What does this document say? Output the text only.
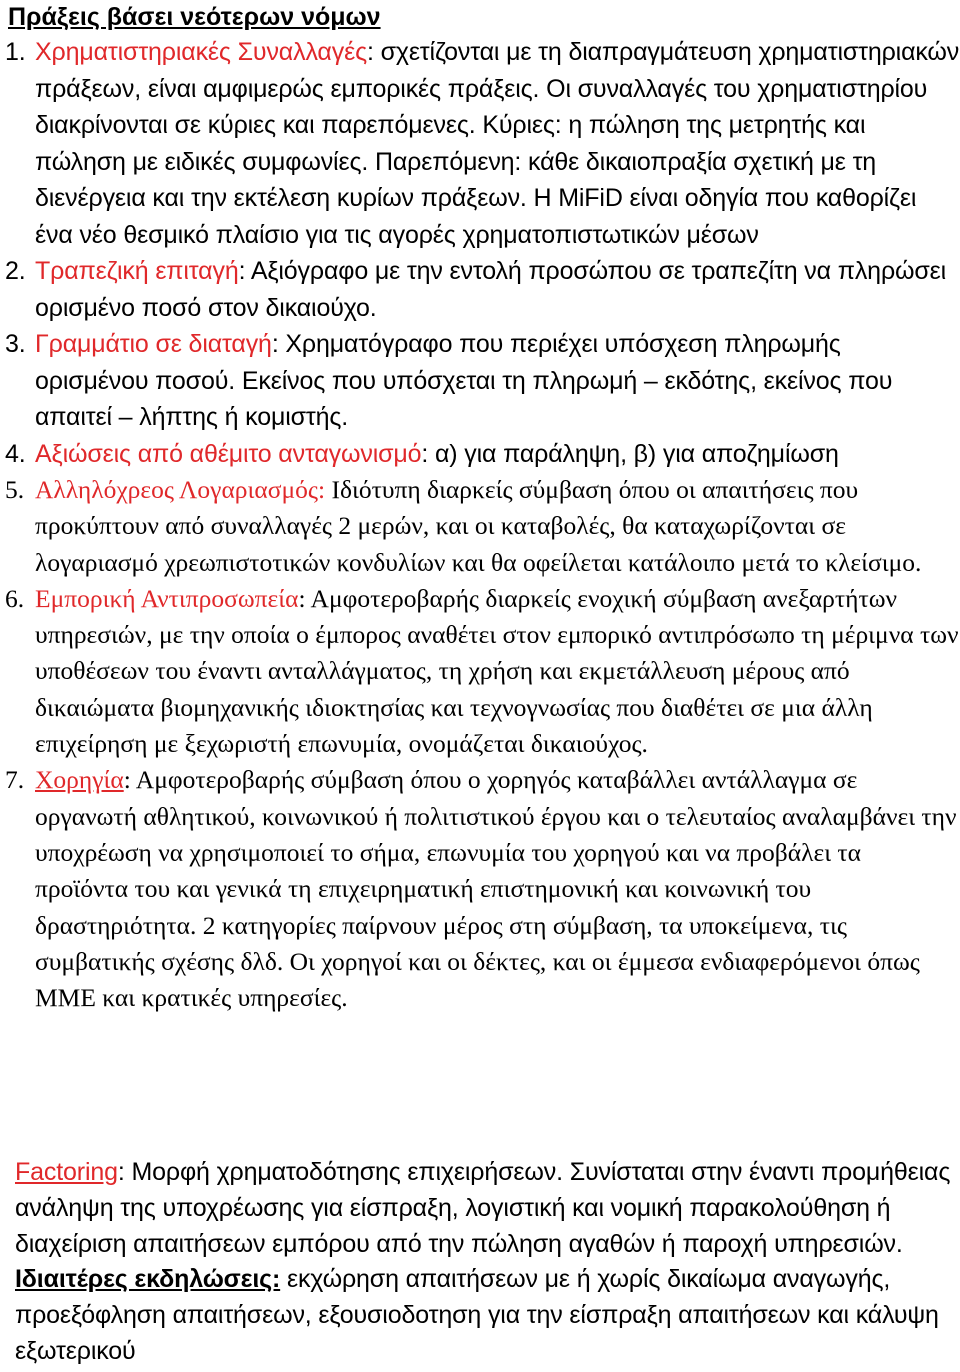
Πράξεις βάσει νεότερων νόμων
1. Χρηματιστηριακές Συναλλαγές: σχετίζονται με τη διαπραγμάτευση χρηματιστηριακών πράξεων, είναι αμφιμερώς εμπορικές πράξεις. Οι συναλλαγές του χρηματιστηρίου διακρίνονται σε κύριες και παρεπόμενες. Κύριες: η πώληση της μετρητής και πώληση με ειδικές συμφωνίες. Παρεπόμενη: κάθε δικαιοπραξία σχετική με τη διενέργεια και την εκτέλεση κυρίων πράξεων. Η MiFiD είναι οδηγία που καθορίζει ένα νέο θεσμικό πλαίσιο για τις αγορές χρηματοπιστωτικών μέσων
2. Τραπεζική επιταγή: Αξιόγραφο με την εντολή προσώπου σε τραπεζίτη να πληρώσει ορισμένο ποσό στον δικαιούχο.
3. Γραμμάτιο σε διαταγή: Χρηματόγραφο που περιέχει υπόσχεση πληρωμής ορισμένου ποσού. Εκείνος που υπόσχεται τη πληρωμή – εκδότης, εκείνος που απαιτεί – λήπτης ή κομιστής.
4. Αξιώσεις από αθέμιτο ανταγωνισμό: α) για παράληψη, β) για αποζημίωση
5. Αλληλόχρεος Λογαριασμός: Ιδιότυπη διαρκείς σύμβαση όπου οι απαιτήσεις που προκύπτουν από συναλλαγές 2 μερών, και οι καταβολές, θα καταχωρίζονται σε λογαριασμό χρεωπιστοτικών κονδυλίων και θα οφείλεται κατάλοιπο μετά το κλείσιμο.
6. Εμπορική Αντιπροσωπεία: Αμφοτεροβαρής διαρκείς ενοχική σύμβαση ανεξαρτήτων υπηρεσιών, με την οποία ο έμπορος αναθέτει στον εμπορικό αντιπρόσωπο τη μέριμνα των υποθέσεων του έναντι ανταλλάγματος, τη χρήση και εκμετάλλευση μέρους από δικαιώματα βιομηχανικής ιδιοκτησίας και τεχνογνωσίας που διαθέτει σε μια άλλη επιχείρηση με ξεχωριστή επωνυμία, ονομάζεται δικαιούχος.
7. Χορηγία: Αμφοτεροβαρής σύμβαση όπου ο χορηγός καταβάλλει αντάλλαγμα σε οργανωτή αθλητικού, κοινωνικού ή πολιτιστικού έργου και ο τελευταίος αναλαμβάνει την υποχρέωση να χρησιμοποιεί το σήμα, επωνυμία του χορηγού και να προβάλει τα προϊόντα του και γενικά τη επιχειρηματική επιστημονική και κοινωνική του δραστηριότητα. 2 κατηγορίες παίρνουν μέρος στη σύμβαση, τα υποκείμενα, τις συμβατικής σχέσης δλδ. Οι χορηγοί και οι δέκτες, και οι έμμεσα ενδιαφερόμενοι όπως ΜΜΕ και κρατικές υπηρεσίες.
Factoring: Μορφή χρηματοδότησης επιχειρήσεων. Συνίσταται στην έναντι προμήθειας ανάληψη της υποχρέωσης για είσπραξη, λογιστική και νομική παρακολούθηση ή διαχείριση απαιτήσεων εμπόρου από την πώληση αγαθών ή παροχή υπηρεσιών. Ιδιαιτέρες εκδηλώσεις: εκχώρηση απαιτήσεων με ή χωρίς δικαίωμα αναγωγής, προεξόφληση απαιτήσεων, εξουσιοδοτηση για την είσπραξη απαιτήσεων και κάλυψη εξωτερικού
